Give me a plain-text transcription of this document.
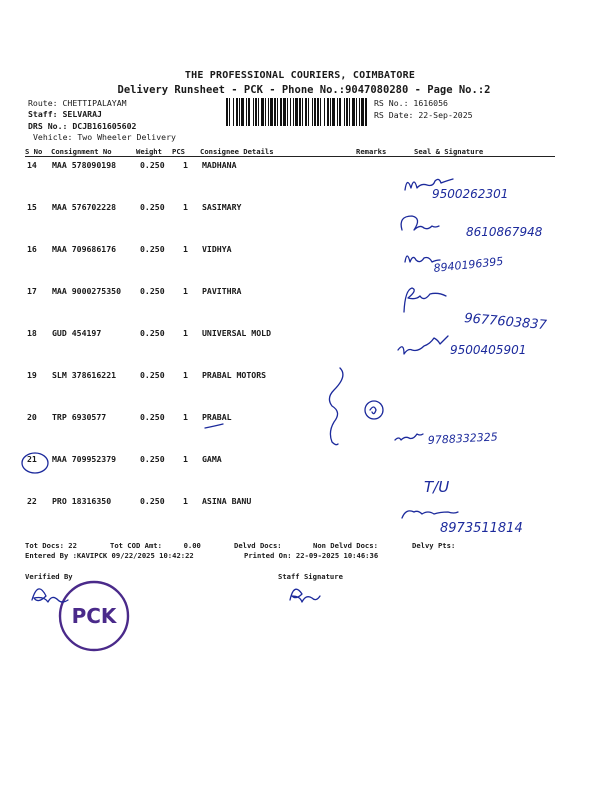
THE PROFESSIONAL COURIERS, COIMBATORE
Delivery Runsheet - PCK - Phone No.:9047080280 - Page No.:2
Route: CHETTIPALAYAM
Staff: SELVARAJ
DRS No.: DCJB161605602
Vehicle: Two Wheeler Delivery
RS No.: 1616056
RS Date: 22-Sep-2025
S No Consignment No	Weight PCS Consignee Details	Remarks	Seal & Signature
14 MAA 578090198	0.250 1 MADHANA
15 MAA 576702228	0.250 1 SASIMARY
16 MAA 709686176	0.250 1 VIDHYA
17 MAA 9000275350 0.250 1 PAVITHRA
18 GUD 454197	0.250 1 UNIVERSAL MOLD
19 SLM 378616221	0.250 1 PRABAL MOTORS
20 TRP 6930577	0.250 1 PRABAL
21 MAA 709952379	0.250 1 GAMA
22 PRO 18316350	0.250 1 ASINA BANU
Tot Docs: 22	Tot COD Amt:     0.00	Delvd Docs:	Non Delvd Docs:	Delvy Pts:
Entered By :KAVIPCK 09/22/2025 10:42:22	Printed On: 22-09-2025 10:46:36
Verified By	Staff Signature
PCK
9500262301
8610867948
8940196395
9677603837
9500405901
9788332325
T/U
8973511814
